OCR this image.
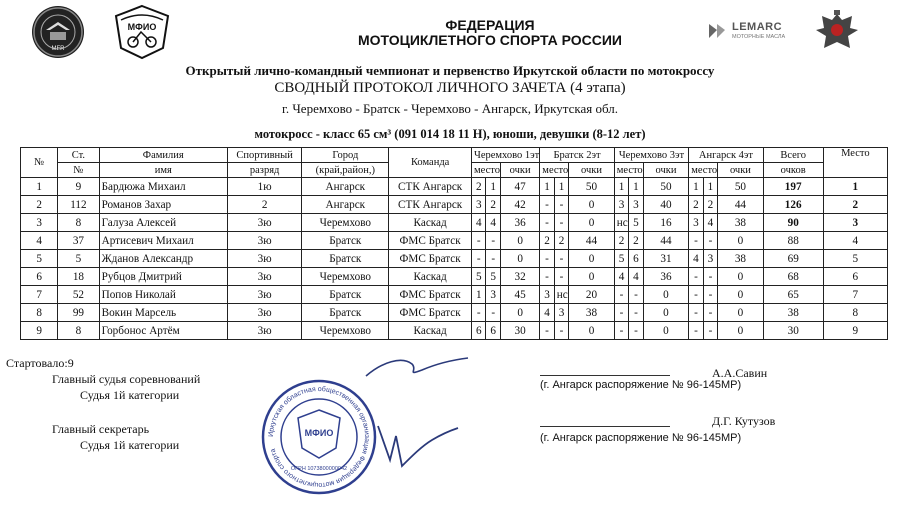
MFR
МФИО	ФЕДЕРАЦИЯ
МОТОЦИКЛЕТНОГО СПОРТА РОССИИ
LEMARC
МОТОРНЫЕ МАСЛА
Открытый лично-командный чемпионат и первенство Иркутской области по мотокроссу
СВОДНЫЙ ПРОТОКОЛ ЛИЧНОГО ЗАЧЕТА (4 этапа)
г. Черемхово - Братск - Черемхово - Ангарск, Иркутская обл.
мотокросс - класс 65 см³ (091 014 18 11 Н), юноши, девушки (8-12 лет)
№	Ст.	Фамилия	Спортивный	Город	Команда	Черемхово 1эт			Братск 2эт			Черемхово 3эт			Ангарск 4эт			Всего	Место
	№	имя	разряд	(край,район,)		место		очки	место		очки	место		очки	место		очки	очков	
1	9	Бардюжа Михаил	1ю	Ангарск	СТК Ангарск	2	1	47	1	1	50	1	1	50	1	1	50	197	1
2	112	Романов Захар	2	Ангарск	СТК Ангарск	3	2	42	-	-	0	3	3	40	2	2	44	126	2
3	8	Галуза Алексей	3ю	Черемхово	Каскад	4	4	36	-	-	0	нс	5	16	3	4	38	90	3
4	37	Артисевич Михаил	3ю	Братск	ФМС Братск	-	-	0	2	2	44	2	2	44	-	-	0	88	4
5	5	Жданов Александр	3ю	Братск	ФМС Братск	-	-	0	-	-	0	5	6	31	4	3	38	69	5
6	18	Рубцов Дмитрий	3ю	Черемхово	Каскад	5	5	32	-	-	0	4	4	36	-	-	0	68	6
7	52	Попов Николай	3ю	Братск	ФМС Братск	1	3	45	3	нс	20	-	-	0	-	-	0	65	7
8	99	Вокин Марсель	3ю	Братск	ФМС Братск	-	-	0	4	3	38	-	-	0	-	-	0	38	8
9	8	Горбонос Артём	3ю	Черемхово	Каскад	6	6	30	-	-	0	-	-	0	-	-	0	30	9
Стартовало:9
Главный судья соревнований
Судья 1й категории
Главный секретарь
Судья 1й категории
А.А.Савин
(г. Ангарск распоряжение № 96-145МР)
Д.Г. Кутузов
(г. Ангарск распоряжение № 96-145МР)
Иркутская областная общественная организация Федерация мотоциклетного спорта
МФИО
ОГРН 1073800000042
